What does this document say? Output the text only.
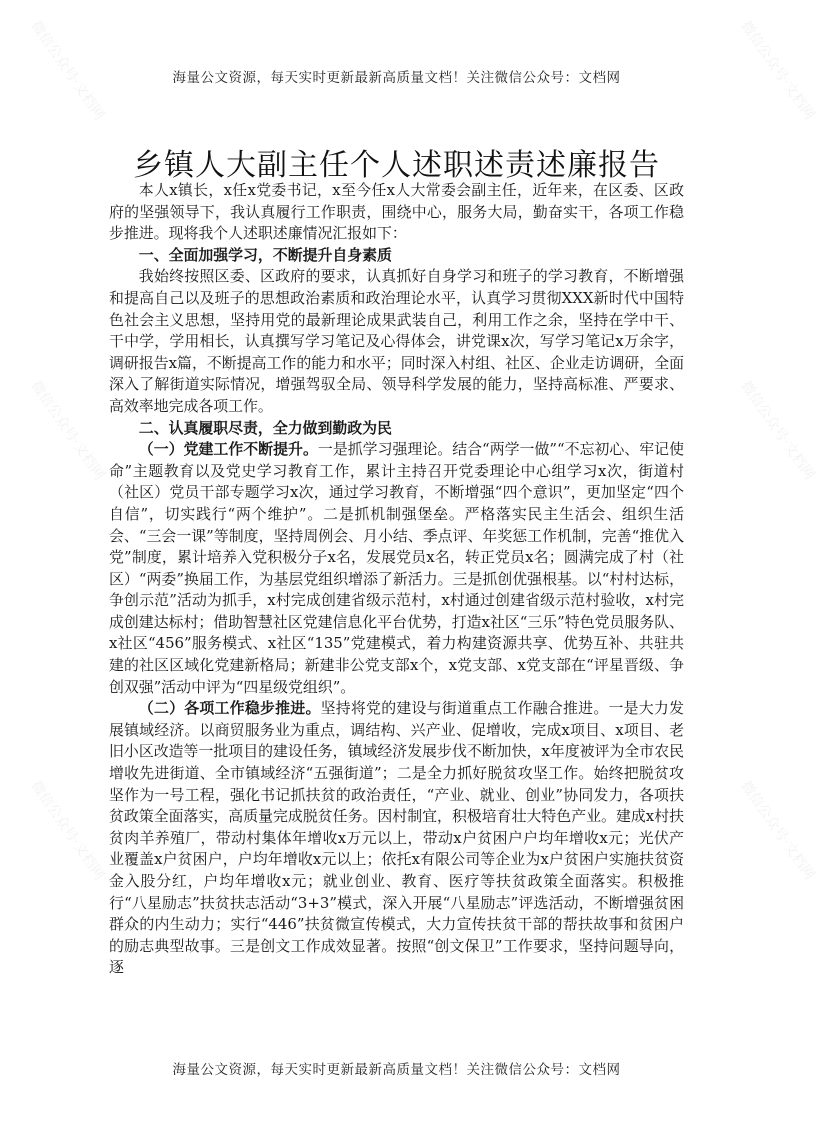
微信公众号·文档网	微信公众号·文档网
微信公众号·文档网	微信公众号·文档网
微信公众号·文档网	微信公众号·文档网
海量公文资源，每天实时更新最新高质量文档！关注微信公众号：文档网
乡镇人大副主任个人述职述责述廉报告

本人x镇长，x任x党委书记，x至今任x人大常委会副主任，近年来，在区委、区政府的坚强领导下，我认真履行工作职责，围绕中心，服务大局，勤奋实干，各项工作稳步推进。现将我个人述职述廉情况汇报如下：

一、全面加强学习，不断提升自身素质

我始终按照区委、区政府的要求，认真抓好自身学习和班子的学习教育，不断增强和提高自己以及班子的思想政治素质和政治理论水平，认真学习贯彻XXX新时代中国特色社会主义思想，坚持用党的最新理论成果武装自己，利用工作之余，坚持在学中干、干中学，学用相长，认真撰写学习笔记及心得体会，讲党课x次，写学习笔记x万余字，调研报告x篇，不断提高工作的能力和水平；同时深入村组、社区、企业走访调研，全面深入了解街道实际情况，增强驾驭全局、领导科学发展的能力，坚持高标准、严要求、高效率地完成各项工作。

二、认真履职尽责，全力做到勤政为民

（一）党建工作不断提升。一是抓学习强理论。结合“两学一做”“不忘初心、牢记使命”主题教育以及党史学习教育工作，累计主持召开党委理论中心组学习x次，街道村（社区）党员干部专题学习x次，通过学习教育，不断增强“四个意识”，更加坚定“四个自信”，切实践行“两个维护”。二是抓机制强堡垒。严格落实民主生活会、组织生活会、“三会一课”等制度，坚持周例会、月小结、季点评、年奖惩工作机制，完善“推优入党”制度，累计培养入党积极分子x名，发展党员x名，转正党员x名；圆满完成了村（社区）“两委”换届工作，为基层党组织增添了新活力。三是抓创优强根基。以“村村达标，争创示范”活动为抓手，x村完成创建省级示范村，x村通过创建省级示范村验收，x村完成创建达标村；借助智慧社区党建信息化平台优势，打造x社区“三乐”特色党员服务队、x社区“456”服务模式、x社区“135”党建模式，着力构建资源共享、优势互补、共驻共建的社区区域化党建新格局；新建非公党支部x个，x党支部、x党支部在“评星晋级、争创双强”活动中评为“四星级党组织”。

（二）各项工作稳步推进。坚持将党的建设与街道重点工作融合推进。一是大力发展镇域经济。以商贸服务业为重点，调结构、兴产业、促增收，完成x项目、x项目、老旧小区改造等一批项目的建设任务，镇域经济发展步伐不断加快，x年度被评为全市农民增收先进街道、全市镇域经济“五强街道”；二是全力抓好脱贫攻坚工作。始终把脱贫攻坚作为一号工程，强化书记抓扶贫的政治责任，“产业、就业、创业”协同发力，各项扶贫政策全面落实，高质量完成脱贫任务。因村制宜，积极培育壮大特色产业。建成x村扶贫肉羊养殖厂，带动村集体年增收x万元以上，带动x户贫困户户均年增收x元；光伏产业覆盖x户贫困户，户均年增收x元以上；依托x有限公司等企业为x户贫困户实施扶贫资金入股分红，户均年增收x元；就业创业、教育、医疗等扶贫政策全面落实。积极推行“八星励志”扶贫扶志活动“3+3”模式，深入开展“八星励志”评选活动，不断增强贫困群众的内生动力；实行“446”扶贫微宣传模式，大力宣传扶贫干部的帮扶故事和贫困户的励志典型故事。三是创文工作成效显著。按照“创文保卫”工作要求，坚持问题导向，逐

海量公文资源，每天实时更新最新高质量文档！关注微信公众号：文档网
